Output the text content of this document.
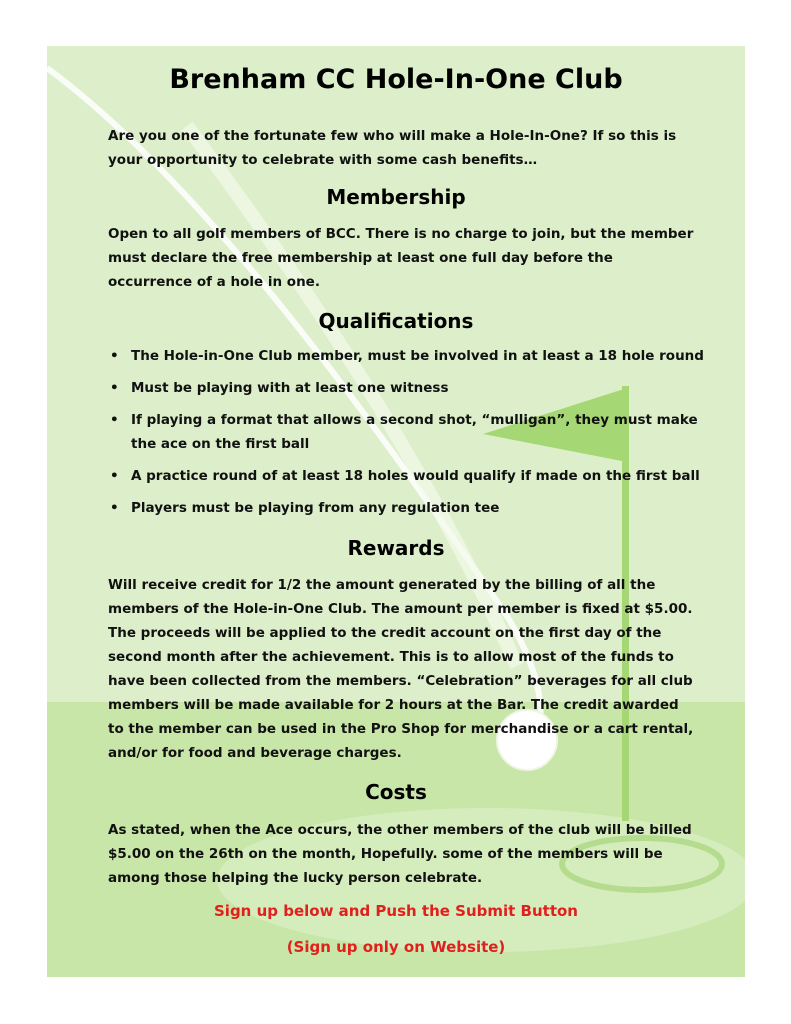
Brenham CC Hole-In-One Club

Are you one of the fortunate few who will make a Hole-In-One? If so this is your opportunity to celebrate with some cash benefits…

Membership

Open to all golf members of BCC. There is no charge to join, but the member must declare the free membership at least one full day before the occurrence of a hole in one.

Qualifications
• The Hole-in-One Club member, must be involved in at least a 18 hole round
• Must be playing with at least one witness
• If playing a format that allows a second shot, “mulligan”, they must make the ace on the first ball
• A practice round of at least 18 holes would qualify if made on the first ball
• Players must be playing from any regulation tee
Rewards

Will receive credit for 1/2 the amount generated by the billing of all the members of the Hole-in-One Club. The amount per member is fixed at $5.00. The proceeds will be applied to the credit account on the first day of the second month after the achievement. This is to allow most of the funds to have been collected from the members. “Celebration” beverages for all club members will be made available for 2 hours at the Bar. The credit awarded to the member can be used in the Pro Shop for merchandise or a cart rental, and/or for food and beverage charges.

Costs

As stated, when the Ace occurs, the other members of the club will be billed $5.00 on the 26th on the month, Hopefully. some of the members will be among those helping the lucky person celebrate.

Sign up below and Push the Submit Button

(Sign up only on Website)
